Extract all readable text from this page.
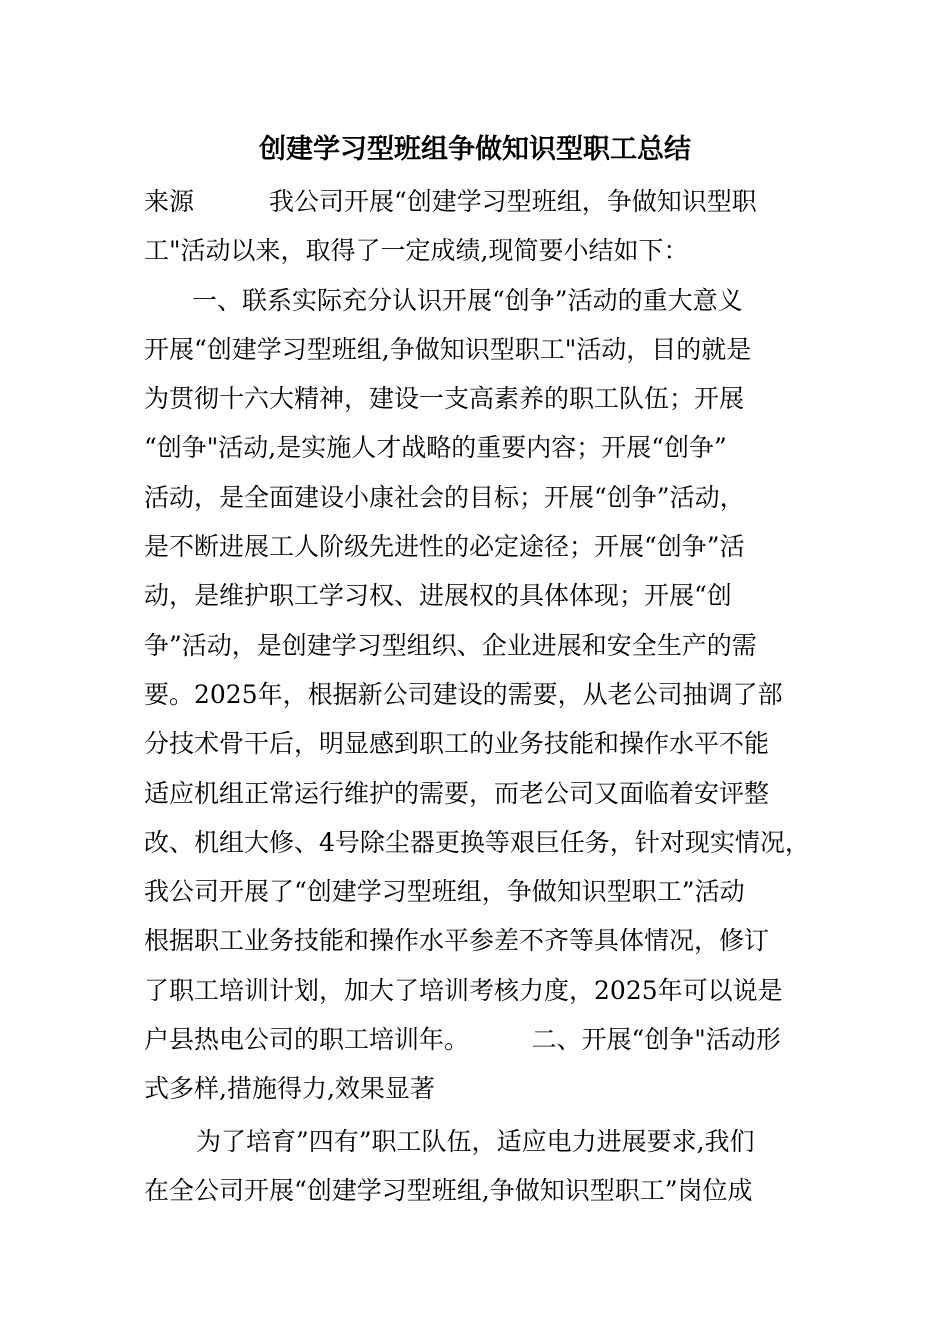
创建学习型班组争做知识型职工总结
来源　　　我公司开展“创建学习型班组，争做知识型职
工"活动以来，取得了一定成绩,现简要小结如下：
一、联系实际充分认识开展“创争”活动的重大意义
开展“创建学习型班组,争做知识型职工"活动，目的就是
为贯彻十六大精神，建设一支高素养的职工队伍；开展
“创争"活动,是实施人才战略的重要内容；开展“创争”
活动，是全面建设小康社会的目标；开展“创争”活动，
是不断进展工人阶级先进性的必定途径；开展“创争”活
动，是维护职工学习权、进展权的具体体现；开展“创
争”活动，是创建学习型组织、企业进展和安全生产的需
要。2025年，根据新公司建设的需要，从老公司抽调了部
分技术骨干后，明显感到职工的业务技能和操作水平不能
适应机组正常运行维护的需要，而老公司又面临着安评整
改、机组大修、4号除尘器更换等艰巨任务，针对现实情况，
我公司开展了“创建学习型班组，争做知识型职工”活动
根据职工业务技能和操作水平参差不齐等具体情况，修订
了职工培训计划，加大了培训考核力度，2025年可以说是
户县热电公司的职工培训年。　　　二、开展“创争"活动形
式多样,措施得力,效果显著
为了培育”四有”职工队伍，适应电力进展要求,我们
在全公司开展“创建学习型班组,争做知识型职工”岗位成
